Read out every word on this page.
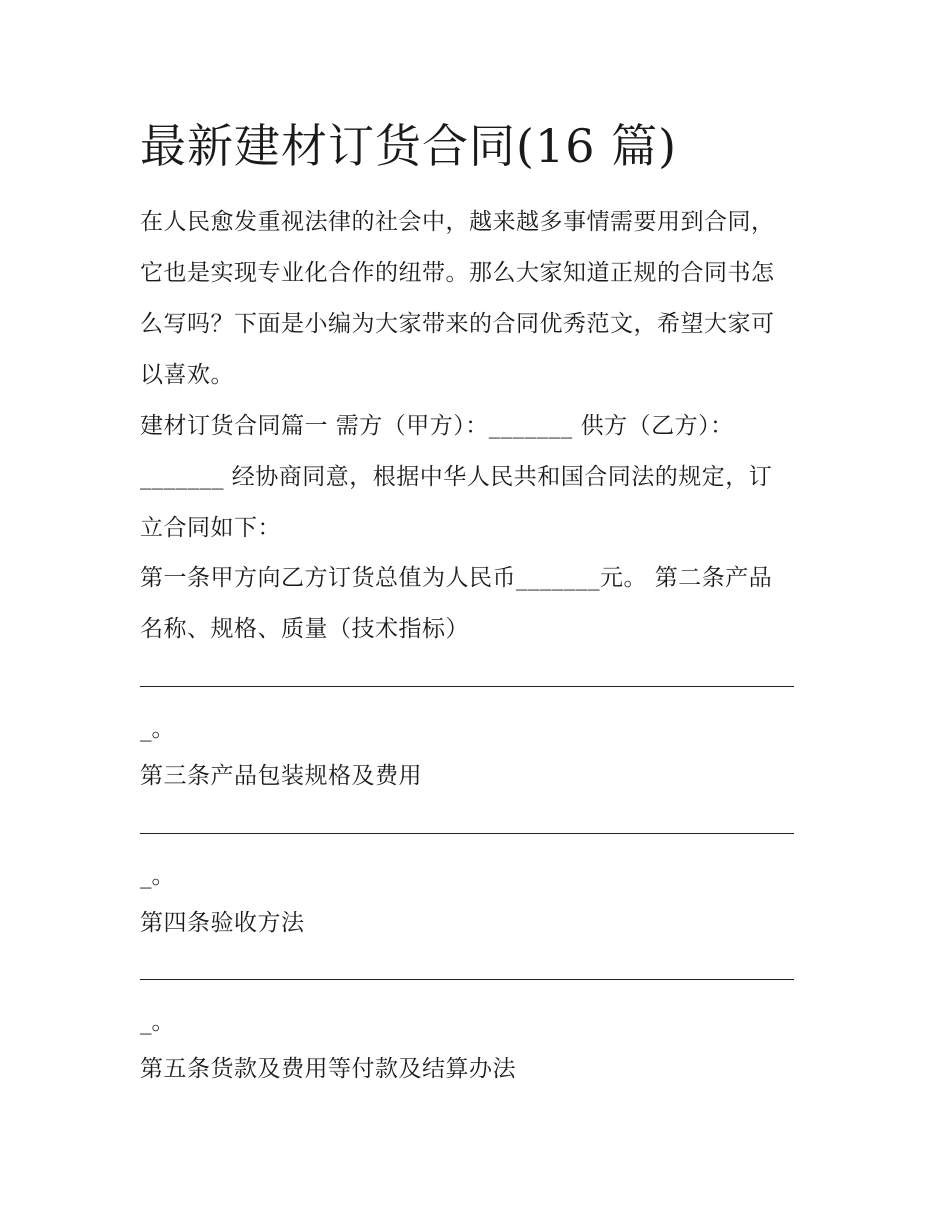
最新建材订货合同(16 篇)
在人民愈发重视法律的社会中，越来越多事情需要用到合同，
它也是实现专业化合作的纽带。那么大家知道正规的合同书怎
么写吗？下面是小编为大家带来的合同优秀范文，希望大家可
以喜欢。
建材订货合同篇一 需方（甲方）：_______ 供方（乙方）：
_______ 经协商同意，根据中华人民共和国合同法的规定，订
立合同如下：
第一条甲方向乙方订货总值为人民币_______元。 第二条产品
名称、规格、质量（技术指标）
_。
第三条产品包装规格及费用
_。
第四条验收方法
_。
第五条货款及费用等付款及结算办法
